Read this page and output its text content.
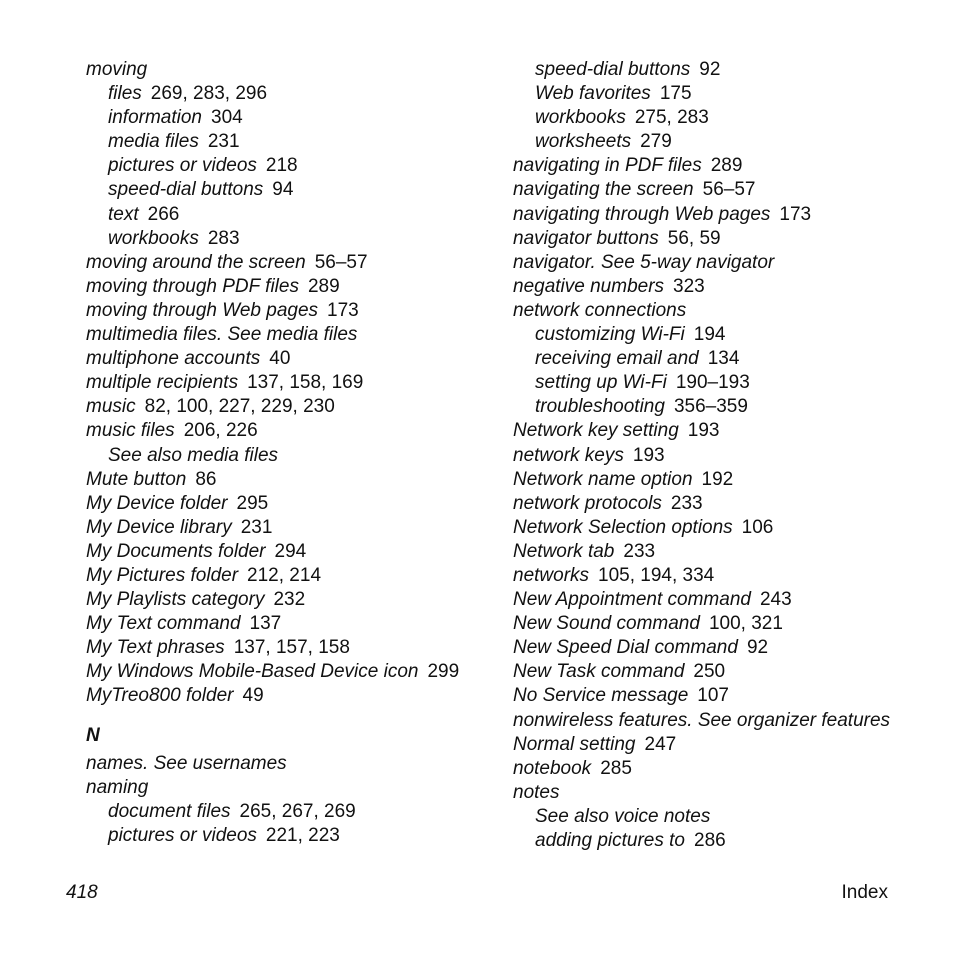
moving
files 269, 283, 296
information 304
media files 231
pictures or videos 218
speed-dial buttons 94
text 266
workbooks 283
moving around the screen 56–57
moving through PDF files 289
moving through Web pages 173
multimedia files. See media files
multiphone accounts 40
multiple recipients 137, 158, 169
music 82, 100, 227, 229, 230
music files 206, 226
See also media files
Mute button 86
My Device folder 295
My Device library 231
My Documents folder 294
My Pictures folder 212, 214
My Playlists category 232
My Text command 137
My Text phrases 137, 157, 158
My Windows Mobile-Based Device icon 299
MyTreo800 folder 49
N
names. See usernames
naming
document files 265, 267, 269
pictures or videos 221, 223
speed-dial buttons 92
Web favorites 175
workbooks 275, 283
worksheets 279
navigating in PDF files 289
navigating the screen 56–57
navigating through Web pages 173
navigator buttons 56, 59
navigator. See 5-way navigator
negative numbers 323
network connections
customizing Wi-Fi 194
receiving email and 134
setting up Wi-Fi 190–193
troubleshooting 356–359
Network key setting 193
network keys 193
Network name option 192
network protocols 233
Network Selection options 106
Network tab 233
networks 105, 194, 334
New Appointment command 243
New Sound command 100, 321
New Speed Dial command 92
New Task command 250
No Service message 107
nonwireless features. See organizer features
Normal setting 247
notebook 285
notes
See also voice notes
adding pictures to 286
418	Index
